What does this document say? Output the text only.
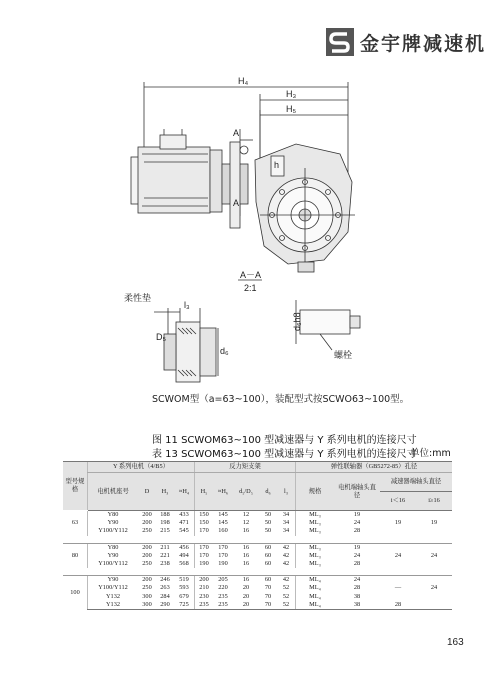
金宇牌减速机
H₄
H₃
H₅
A
A
h
A－A
2:1
柔性垫
l₃
D₅
d₆
d₆h8
螺栓
SCWOM型（a=63~100），装配型式按SCWO63~100型。
图 11 SCWOM63~100 型减速器与 Y 系列电机的连接尺寸
表 13 SCWOM63~100 型减速器与 Y 系列电机的连接尺寸
单位:mm
型号规格	Y 系列电机（4/B5）				反力矩支架					弹性联轴器（GB5272-85）孔径			
	电机机座号	D	H₃	≈H₄	H₅	≈H₆	d₅/D₅	d₆	l₃	规格	电机端轴头直径	减速器端轴头直径	
												i＜16	i≥16
63	Y80	200	188	433	150	145	12	50	34	ML₃	19	19	19
	Y90	200	198	471	150	145	12	50	34	ML₃	24		
	Y100/Y112	250	215	545	170	160	16	50	34	ML₃	28		

80	Y80	200	211	456	170	170	16	60	42	ML₃	19	24	24
	Y90	200	221	494	170	170	16	60	42	ML₃	24		
	Y100/Y112	250	238	568	190	190	16	60	42	ML₃	28		

100	Y90	200	246	519	200	205	16	60	42	ML₄	24	—	24
	Y100/Y112	250	263	593	210	220	20	70	52	ML₄	28		
	Y132	300	284	679	230	235	20	70	52	ML₄	38		
	Y132	300	290	725	235	235	20	70	52	ML₄	38	28	
163
